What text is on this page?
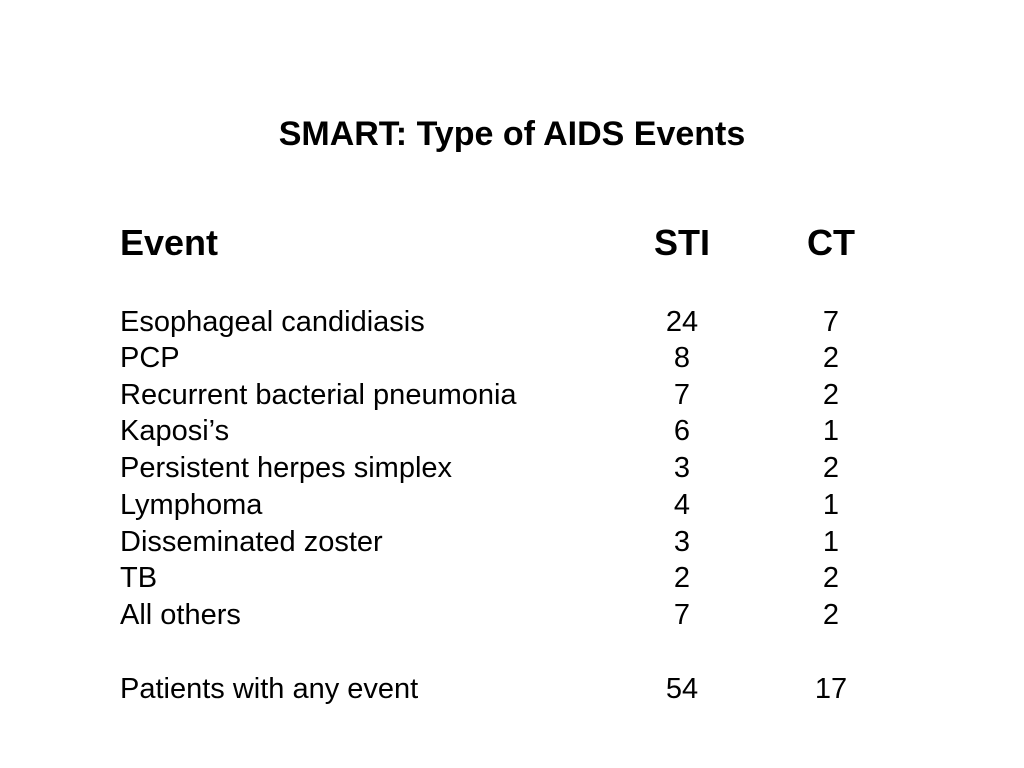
SMART: Type of AIDS Events
Event	STI	CT
Esophageal candidiasis	24	7
PCP	8	2
Recurrent bacterial pneumonia	7	2
Kaposi’s	6	1
Persistent herpes simplex	3	2
Lymphoma	4	1
Disseminated zoster	3	1
TB	2	2
All others	7	2
Patients with any event	54	17
